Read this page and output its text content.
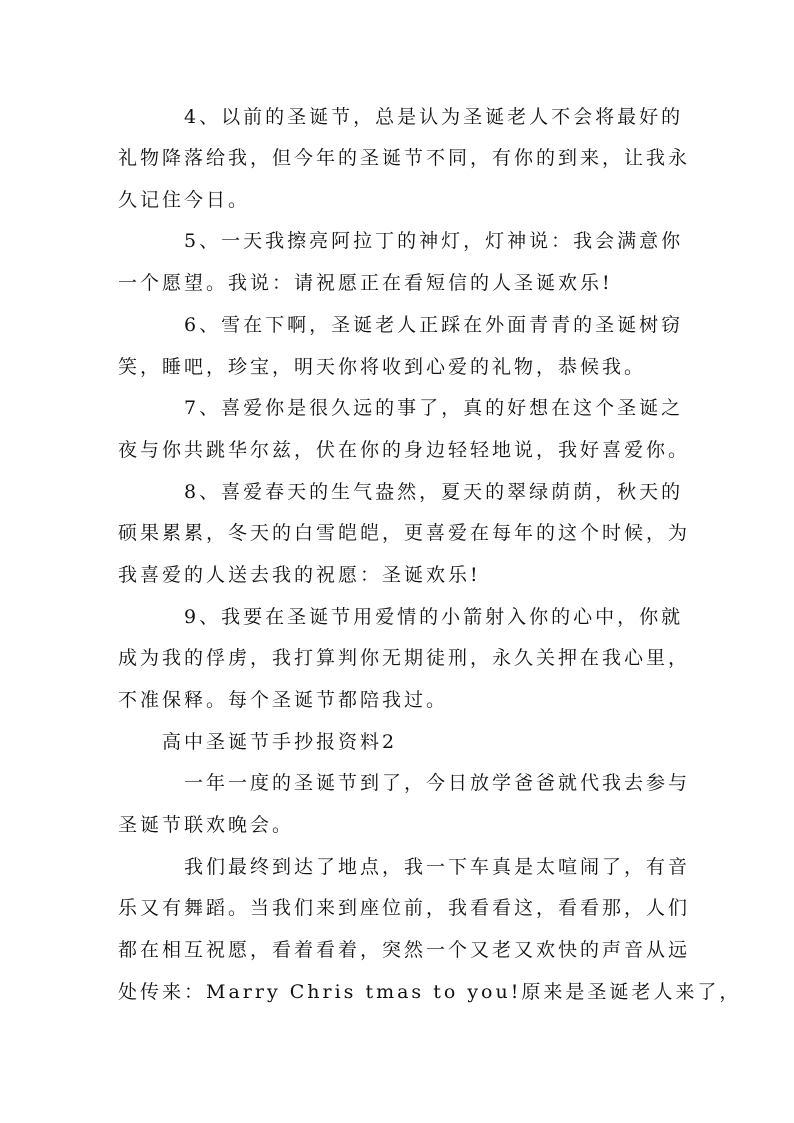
4、以前的圣诞节，总是认为圣诞老人不会将最好的
礼物降落给我，但今年的圣诞节不同，有你的到来，让我永
久记住今日。
5、一天我擦亮阿拉丁的神灯，灯神说：我会满意你
一个愿望。我说：请祝愿正在看短信的人圣诞欢乐!
6、雪在下啊，圣诞老人正踩在外面青青的圣诞树窃
笑，睡吧，珍宝，明天你将收到心爱的礼物，恭候我。
7、喜爱你是很久远的事了，真的好想在这个圣诞之
夜与你共跳华尔兹，伏在你的身边轻轻地说，我好喜爱你。
8、喜爱春天的生气盎然，夏天的翠绿荫荫，秋天的
硕果累累，冬天的白雪皑皑，更喜爱在每年的这个时候，为
我喜爱的人送去我的祝愿：圣诞欢乐!
9、我要在圣诞节用爱情的小箭射入你的心中，你就
成为我的俘虏，我打算判你无期徒刑，永久关押在我心里，
不准保释。每个圣诞节都陪我过。
高中圣诞节手抄报资料2
一年一度的圣诞节到了，今日放学爸爸就代我去参与
圣诞节联欢晚会。
我们最终到达了地点，我一下车真是太喧闹了，有音
乐又有舞蹈。当我们来到座位前，我看看这，看看那，人们
都在相互祝愿，看着看着，突然一个又老又欢快的声音从远
处传来：Marry Chris tmas to you!原来是圣诞老人来了，
